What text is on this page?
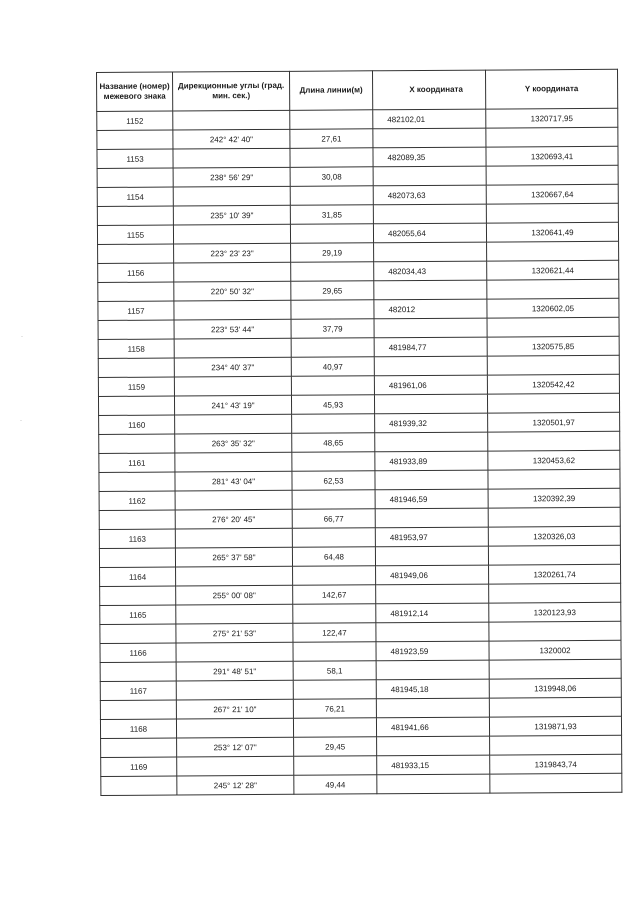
·
·
Название (номер) межевого знака	Дирекционные углы (град. мин. сек.)	Длина линии(м)	X координата	Y координата
1152			482102,01	1320717,95
	242° 42' 40"	27,61		
1153			482089,35	1320693,41
	238° 56' 29"	30,08		
1154			482073,63	1320667,64
	235° 10' 39"	31,85		
1155			482055,64	1320641,49
	223° 23' 23"	29,19		
1156			482034,43	1320621,44
	220° 50' 32"	29,65		
1157			482012	1320602,05
	223° 53' 44"	37,79		
1158			481984,77	1320575,85
	234° 40' 37"	40,97		
1159			481961,06	1320542,42
	241° 43' 19"	45,93		
1160			481939,32	1320501,97
	263° 35' 32"	48,65		
1161			481933,89	1320453,62
	281° 43' 04"	62,53		
1162			481946,59	1320392,39
	276° 20' 45"	66,77		
1163			481953,97	1320326,03
	265° 37' 58"	64,48		
1164			481949,06	1320261,74
	255° 00' 08"	142,67		
1165			481912,14	1320123,93
	275° 21' 53"	122,47		
1166			481923,59	1320002
	291° 48' 51"	58,1		
1167			481945,18	1319948,06
	267° 21' 10"	76,21		
1168			481941,66	1319871,93
	253° 12' 07"	29,45		
1169			481933,15	1319843,74
	245° 12' 28"	49,44		
